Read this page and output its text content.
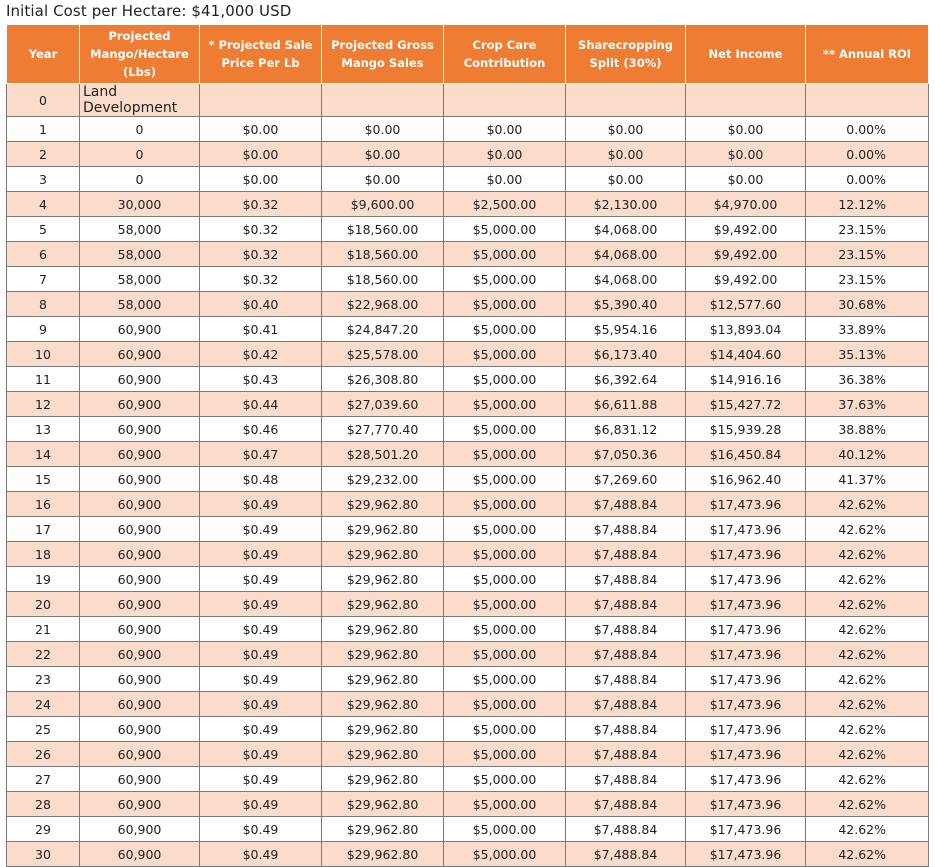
Initial Cost per Hectare: $41,000 USD
Year	Projected Mango/Hectare (Lbs)	* Projected Sale Price Per Lb	Projected Gross Mango Sales	Crop Care Contribution	Sharecropping Split (30%)	Net Income	** Annual ROI
0	Land Development						
1	0	$0.00	$0.00	$0.00	$0.00	$0.00	0.00%
2	0	$0.00	$0.00	$0.00	$0.00	$0.00	0.00%
3	0	$0.00	$0.00	$0.00	$0.00	$0.00	0.00%
4	30,000	$0.32	$9,600.00	$2,500.00	$2,130.00	$4,970.00	12.12%
5	58,000	$0.32	$18,560.00	$5,000.00	$4,068.00	$9,492.00	23.15%
6	58,000	$0.32	$18,560.00	$5,000.00	$4,068.00	$9,492.00	23.15%
7	58,000	$0.32	$18,560.00	$5,000.00	$4,068.00	$9,492.00	23.15%
8	58,000	$0.40	$22,968.00	$5,000.00	$5,390.40	$12,577.60	30.68%
9	60,900	$0.41	$24,847.20	$5,000.00	$5,954.16	$13,893.04	33.89%
10	60,900	$0.42	$25,578.00	$5,000.00	$6,173.40	$14,404.60	35.13%
11	60,900	$0.43	$26,308.80	$5,000.00	$6,392.64	$14,916.16	36.38%
12	60,900	$0.44	$27,039.60	$5,000.00	$6,611.88	$15,427.72	37.63%
13	60,900	$0.46	$27,770.40	$5,000.00	$6,831.12	$15,939.28	38.88%
14	60,900	$0.47	$28,501.20	$5,000.00	$7,050.36	$16,450.84	40.12%
15	60,900	$0.48	$29,232.00	$5,000.00	$7,269.60	$16,962.40	41.37%
16	60,900	$0.49	$29,962.80	$5,000.00	$7,488.84	$17,473.96	42.62%
17	60,900	$0.49	$29,962.80	$5,000.00	$7,488.84	$17,473.96	42.62%
18	60,900	$0.49	$29,962.80	$5,000.00	$7,488.84	$17,473.96	42.62%
19	60,900	$0.49	$29,962.80	$5,000.00	$7,488.84	$17,473.96	42.62%
20	60,900	$0.49	$29,962.80	$5,000.00	$7,488.84	$17,473.96	42.62%
21	60,900	$0.49	$29,962.80	$5,000.00	$7,488.84	$17,473.96	42.62%
22	60,900	$0.49	$29,962.80	$5,000.00	$7,488.84	$17,473.96	42.62%
23	60,900	$0.49	$29,962.80	$5,000.00	$7,488.84	$17,473.96	42.62%
24	60,900	$0.49	$29,962.80	$5,000.00	$7,488.84	$17,473.96	42.62%
25	60,900	$0.49	$29,962.80	$5,000.00	$7,488.84	$17,473.96	42.62%
26	60,900	$0.49	$29,962.80	$5,000.00	$7,488.84	$17,473.96	42.62%
27	60,900	$0.49	$29,962.80	$5,000.00	$7,488.84	$17,473.96	42.62%
28	60,900	$0.49	$29,962.80	$5,000.00	$7,488.84	$17,473.96	42.62%
29	60,900	$0.49	$29,962.80	$5,000.00	$7,488.84	$17,473.96	42.62%
30	60,900	$0.49	$29,962.80	$5,000.00	$7,488.84	$17,473.96	42.62%
